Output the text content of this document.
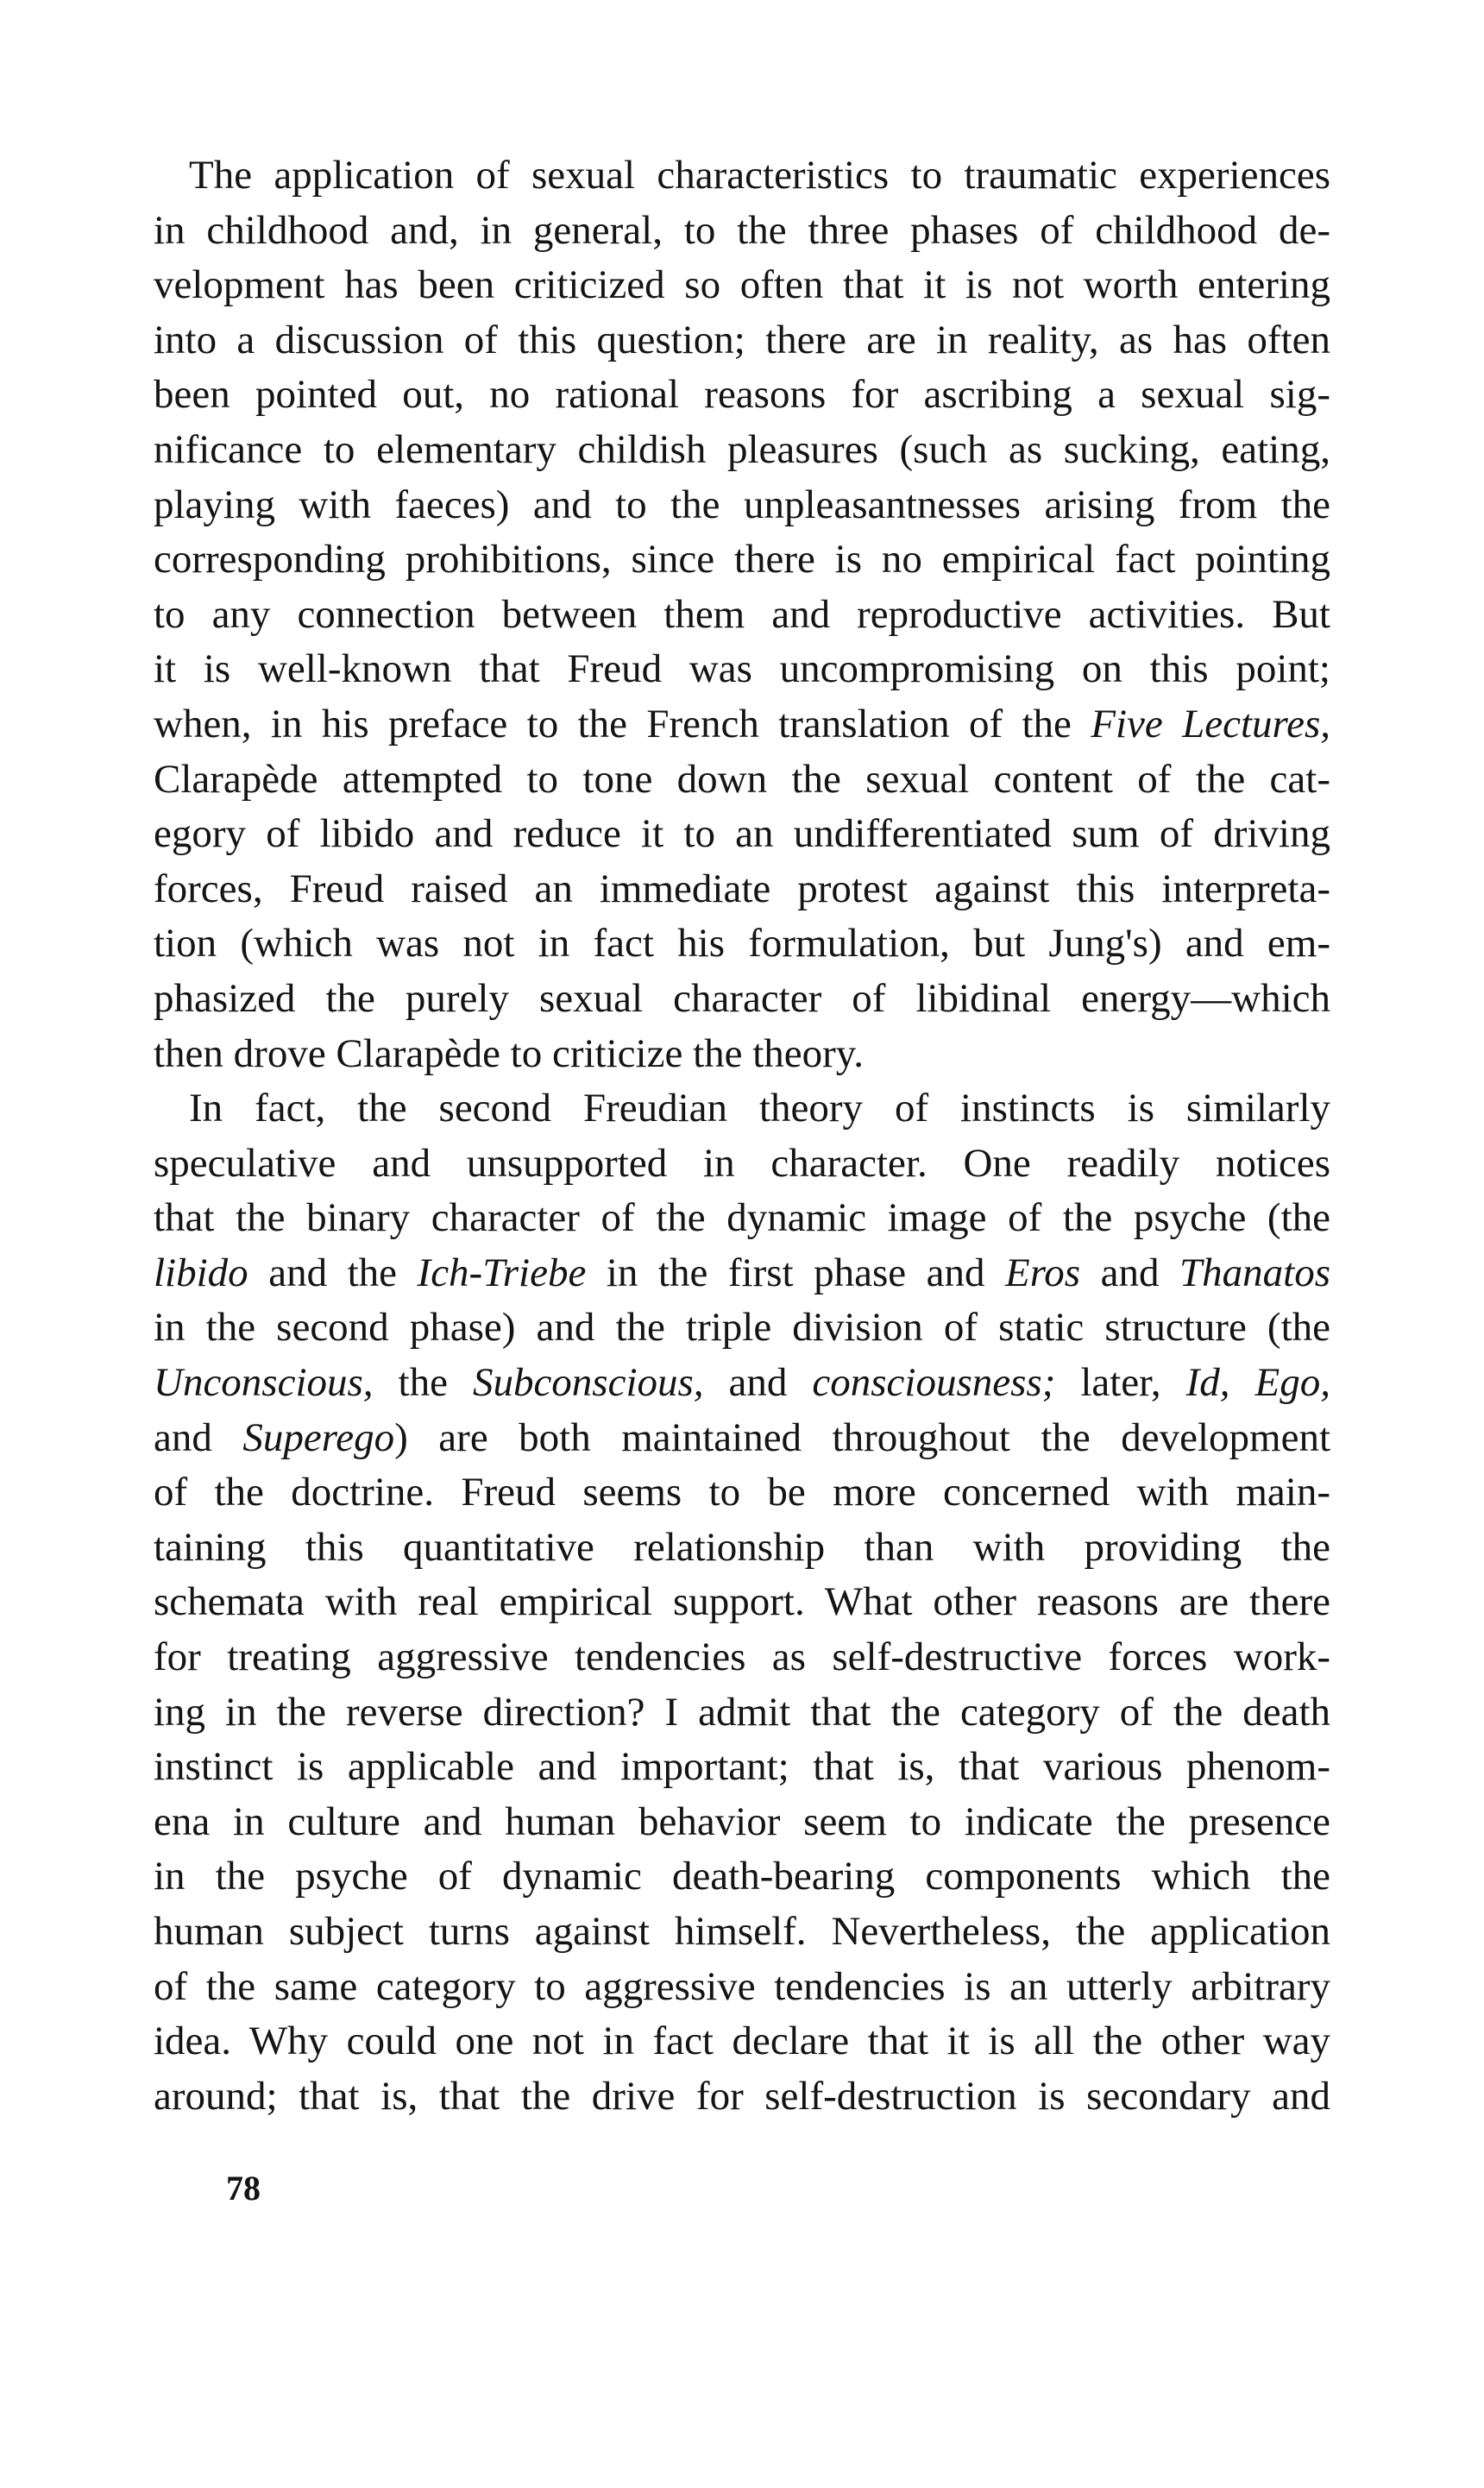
The application of sexual characteristics to traumatic experiences
in childhood and, in general, to the three phases of childhood de-
velopment has been criticized so often that it is not worth entering
into a discussion of this question; there are in reality, as has often
been pointed out, no rational reasons for ascribing a sexual sig-
nificance to elementary childish pleasures (such as sucking, eating,
playing with faeces) and to the unpleasantnesses arising from the
corresponding prohibitions, since there is no empirical fact pointing
to any connection between them and reproductive activities. But
it is well-known that Freud was uncompromising on this point;
when, in his preface to the French translation of the Five Lectures,
Clarapède attempted to tone down the sexual content of the cat-
egory of libido and reduce it to an undifferentiated sum of driving
forces, Freud raised an immediate protest against this interpreta-
tion (which was not in fact his formulation, but Jung's) and em-
phasized the purely sexual character of libidinal energy—which
then drove Clarapède to criticize the theory.
In fact, the second Freudian theory of instincts is similarly
speculative and unsupported in character. One readily notices
that the binary character of the dynamic image of the psyche (the
libido and the Ich-Triebe in the first phase and Eros and Thanatos
in the second phase) and the triple division of static structure (the
Unconscious, the Subconscious, and consciousness; later, Id, Ego,
and Superego) are both maintained throughout the development
of the doctrine. Freud seems to be more concerned with main-
taining this quantitative relationship than with providing the
schemata with real empirical support. What other reasons are there
for treating aggressive tendencies as self-destructive forces work-
ing in the reverse direction? I admit that the category of the death
instinct is applicable and important; that is, that various phenom-
ena in culture and human behavior seem to indicate the presence
in the psyche of dynamic death-bearing components which the
human subject turns against himself. Nevertheless, the application
of the same category to aggressive tendencies is an utterly arbitrary
idea. Why could one not in fact declare that it is all the other way
around; that is, that the drive for self-destruction is secondary and
78
